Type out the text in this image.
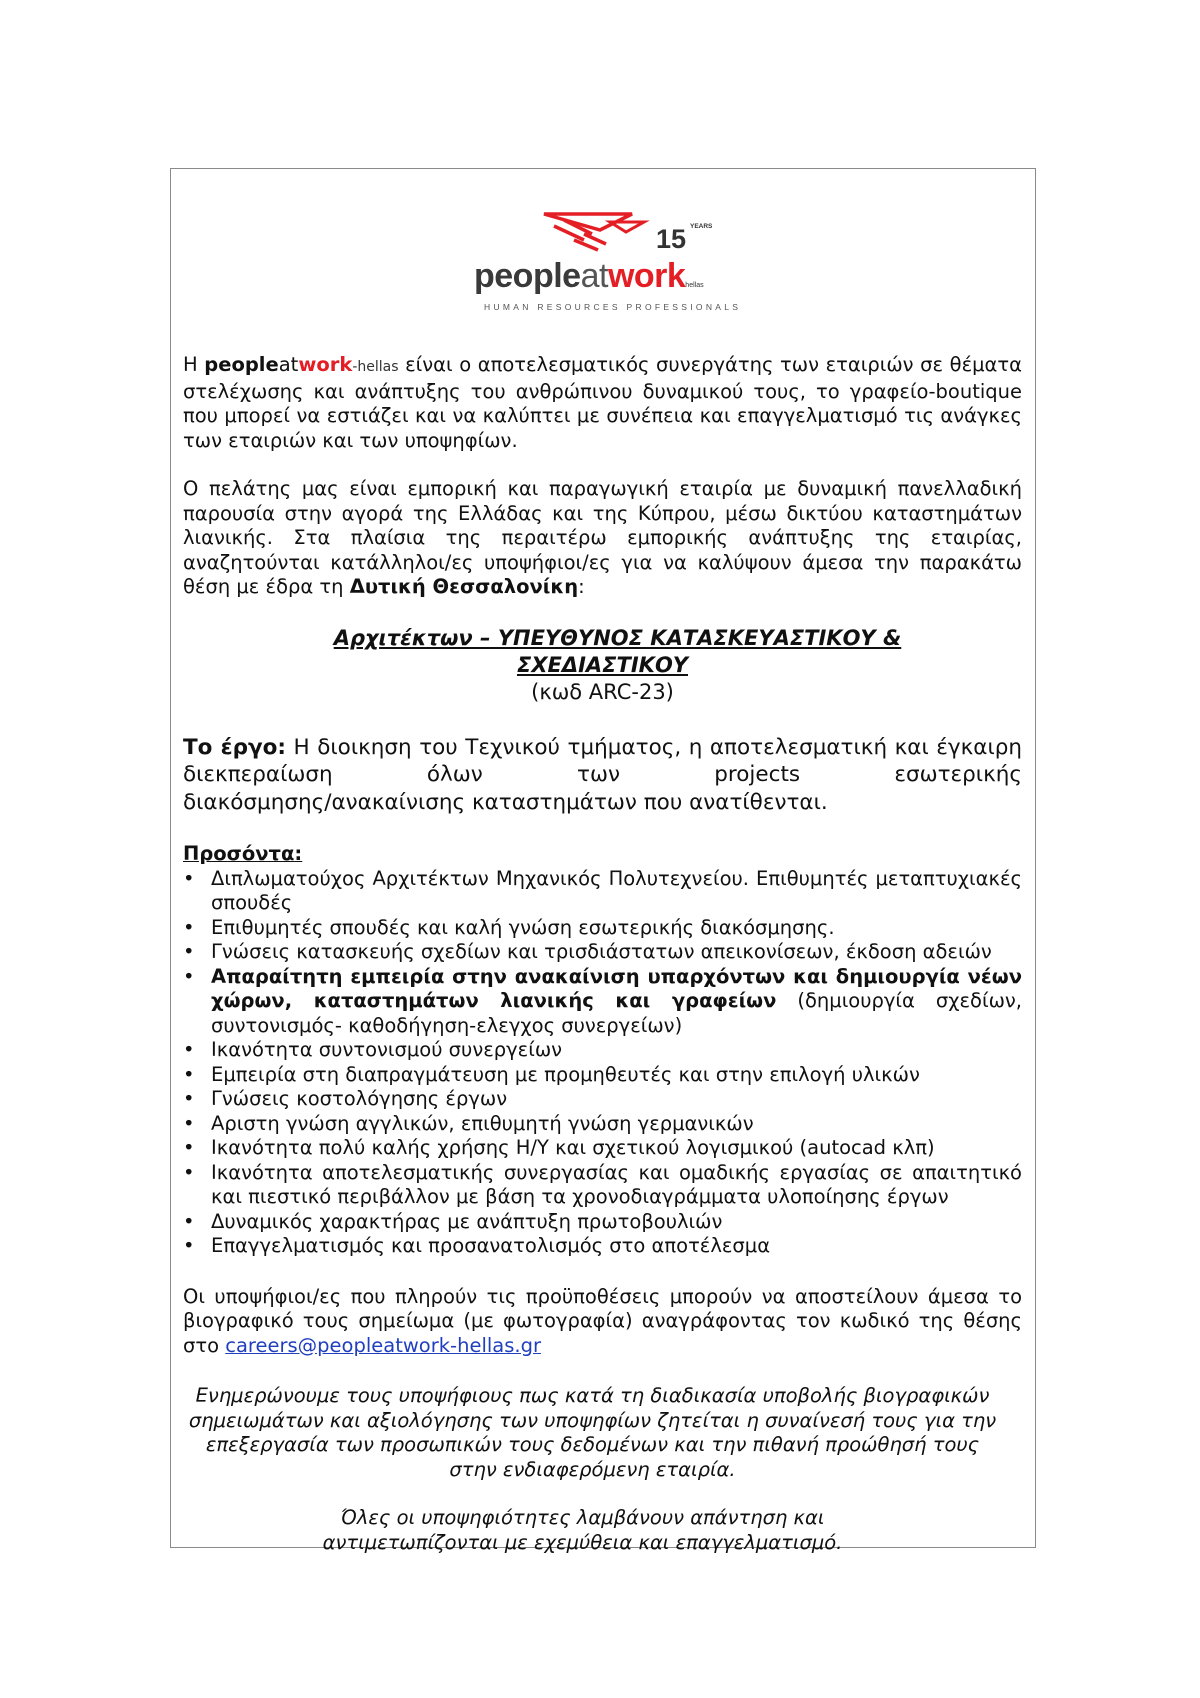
15 YEARS
peopleatworkhellas
HUMAN RESOURCES PROFESSIONALS

Η peopleatwork-hellas είναι ο αποτελεσματικός συνεργάτης των εταιριών σε θέματα στελέχωσης και ανάπτυξης του ανθρώπινου δυναμικού τους, το γραφείο-boutique που μπορεί να εστιάζει και να καλύπτει με συνέπεια και επαγγελματισμό τις ανάγκες των εταιριών και των υποψηφίων.

Ο πελάτης μας είναι εμπορική και παραγωγική εταιρία με δυναμική πανελλαδική παρουσία στην αγορά της Ελλάδας και της Κύπρου, μέσω δικτύου καταστημάτων λιανικής. Στα πλαίσια της περαιτέρω εμπορικής ανάπτυξης της εταιρίας, αναζητούνται κατάλληλοι/ες υποψήφιοι/ες για να καλύψουν άμεσα την παρακάτω θέση με έδρα τη Δυτική Θεσσαλονίκη:

Αρχιτέκτων – ΥΠΕΥΘΥΝΟΣ ΚΑΤΑΣΚΕΥΑΣΤΙΚΟΥ &
ΣΧΕΔΙΑΣΤΙΚΟΥ
(κωδ ARC-23)
Το έργο: Η διοικηση του Τεχνικού τμήματος, η αποτελεσματική και έγκαιρη διεκπεραίωση όλων των projects εσωτερικής
διακόσμησης/ανακαίνισης καταστημάτων που ανατίθενται.
Προσόντα:
• Διπλωματούχος Αρχιτέκτων Μηχανικός Πολυτεχνείου. Επιθυμητές μεταπτυχιακές σπουδές
• Επιθυμητές σπουδές και καλή γνώση εσωτερικής διακόσμησης.
• Γνώσεις κατασκευής σχεδίων και τρισδιάστατων απεικονίσεων, έκδοση αδειών
• Απαραίτητη εμπειρία στην ανακαίνιση υπαρχόντων και δημιουργία νέων χώρων, καταστημάτων λιανικής και γραφείων (δημιουργία σχεδίων, συντονισμός- καθοδήγηση-ελεγχος συνεργείων)
• Ικανότητα συντονισμού συνεργείων
• Εμπειρία στη διαπραγμάτευση με προμηθευτές και στην επιλογή υλικών
• Γνώσεις κοστολόγησης έργων
• Αριστη γνώση αγγλικών, επιθυμητή γνώση γερμανικών
• Ικανότητα πολύ καλής χρήσης Η/Υ και σχετικού λογισμικού (autocad κλπ)
• Ικανότητα αποτελεσματικής συνεργασίας και ομαδικής εργασίας σε απαιτητικό και πιεστικό περιβάλλον με βάση τα χρονοδιαγράμματα υλοποίησης έργων
• Δυναμικός χαρακτήρας με ανάπτυξη πρωτοβουλιών
• Επαγγελματισμός και προσανατολισμός στο αποτέλεσμα

Οι υποψήφιοι/ες που πληρούν τις προϋποθέσεις μπορούν να αποστείλουν άμεσα το βιογραφικό τους σημείωμα (με φωτογραφία) αναγράφοντας τον κωδικό της θέσης στο careers@peopleatwork-hellas.gr

Ενημερώνουμε τους υποψήφιους πως κατά τη διαδικασία υποβολής βιογραφικών σημειωμάτων και αξιολόγησης των υποψηφίων ζητείται η συναίνεσή τους για την επεξεργασία των προσωπικών τους δεδομένων και την πιθανή προώθησή τους στην ενδιαφερόμενη εταιρία.
Όλες οι υποψηφιότητες λαμβάνουν απάντηση και
αντιμετωπίζονται με εχεμύθεια και επαγγελματισμό.
